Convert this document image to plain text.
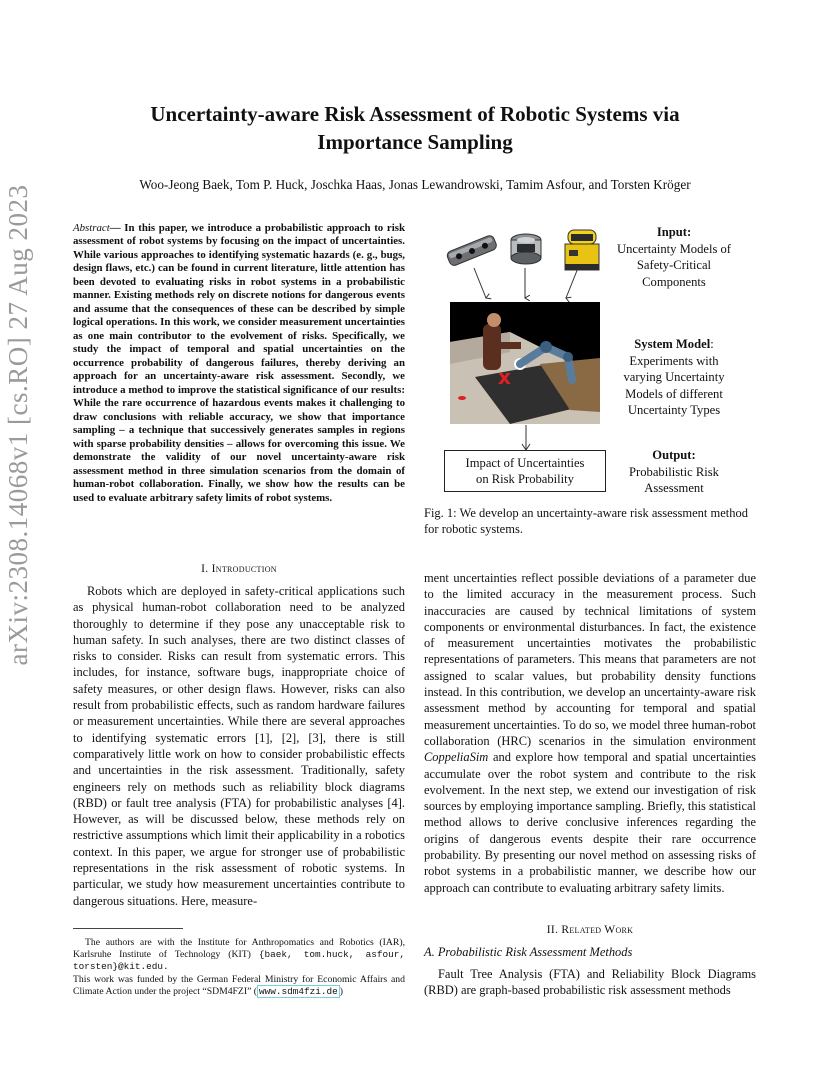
arXiv:2308.14068v1 [cs.RO] 27 Aug 2023
Uncertainty-aware Risk Assessment of Robotic Systems via
Importance Sampling
Woo-Jeong Baek, Tom P. Huck, Joschka Haas, Jonas Lewandrowski, Tamim Asfour, and Torsten Kröger
Abstract— In this paper, we introduce a probabilistic approach to risk assessment of robot systems by focusing on the impact of uncertainties. While various approaches to identifying systematic hazards (e. g., bugs, design flaws, etc.) can be found in current literature, little attention has been devoted to evaluating risks in robot systems in a probabilistic manner. Existing methods rely on discrete notions for dangerous events and assume that the consequences of these can be described by simple logical operations. In this work, we consider measurement uncertainties as one main contributor to the evolvement of risks. Specifically, we study the impact of temporal and spatial uncertainties on the occurrence probability of dangerous failures, thereby deriving an approach for an uncertainty-aware risk assessment. Secondly, we introduce a method to improve the statistical significance of our results: While the rare occurrence of hazardous events makes it challenging to draw conclusions with reliable accuracy, we show that importance sampling – a technique that successively generates samples in regions with sparse probability densities – allows for overcoming this issue. We demonstrate the validity of our novel uncertainty-aware risk assessment method in three simulation scenarios from the domain of human-robot collaboration. Finally, we show how the results can be used to evaluate arbitrary safety limits of robot systems.
I. Introduction
Robots which are deployed in safety-critical applications such as physical human-robot collaboration need to be analyzed thoroughly to determine if they pose any unacceptable risk to human safety. In such analyses, there are two distinct classes of risks to consider. Risks can result from systematic errors. This includes, for instance, software bugs, inappropriate choice of safety measures, or other design flaws. However, risks can also result from probabilistic effects, such as random hardware failures or measurement uncertainties. While there are several approaches to identifying systematic errors [1], [2], [3], there is still comparatively little work on how to consider probabilistic effects and uncertainties in the risk assessment. Traditionally, safety engineers rely on methods such as reliability block diagrams (RBD) or fault tree analysis (FTA) for probabilistic analyses [4]. However, as will be discussed below, these methods rely on restrictive assumptions which limit their applicability in a robotics context. In this paper, we argue for stronger use of probabilistic representations in the risk assessment of robotic systems. In particular, we study how measurement uncertainties contribute to dangerous situations. Here, measure-
The authors are with the Institute for Anthropomatics and Robotics (IAR), Karlsruhe Institute of Technology (KIT) {baek, tom.huck, asfour, torsten}@kit.edu.
This work was funded by the German Federal Ministry for Economic Affairs and Climate Action under the project “SDM4FZI” ( www.sdm4fzi.de )
x
Impact of Uncertainties
on Risk Probability
Input:
Uncertainty Models of Safety-Critical Components
System Model:
Experiments with varying Uncertainty Models of different Uncertainty Types
Output:
Probabilistic Risk Assessment
Fig. 1: We develop an uncertainty-aware risk assessment method for robotic systems.
ment uncertainties reflect possible deviations of a parameter due to the limited accuracy in the measurement process. Such inaccuracies are caused by technical limitations of system components or environmental disturbances. In fact, the existence of measurement uncertainties motivates the probabilistic representations of parameters. This means that parameters are not assigned to scalar values, but probability density functions instead. In this contribution, we develop an uncertainty-aware risk assessment method by accounting for temporal and spatial measurement uncertainties. To do so, we model three human-robot collaboration (HRC) scenarios in the simulation environment CoppeliaSim and explore how temporal and spatial uncertainties accumulate over the robot system and contribute to the risk evolvement. In the next step, we extend our investigation of risk sources by employing importance sampling. Briefly, this statistical method allows to derive conclusive inferences regarding the origins of dangerous events despite their rare occurrence probability. By presenting our novel method on assessing risks of robot systems in a probabilistic manner, we describe how our approach can contribute to evaluating arbitrary safety limits.
II. Related Work
A. Probabilistic Risk Assessment Methods
Fault Tree Analysis (FTA) and Reliability Block Diagrams (RBD) are graph-based probabilistic risk assessment methods
